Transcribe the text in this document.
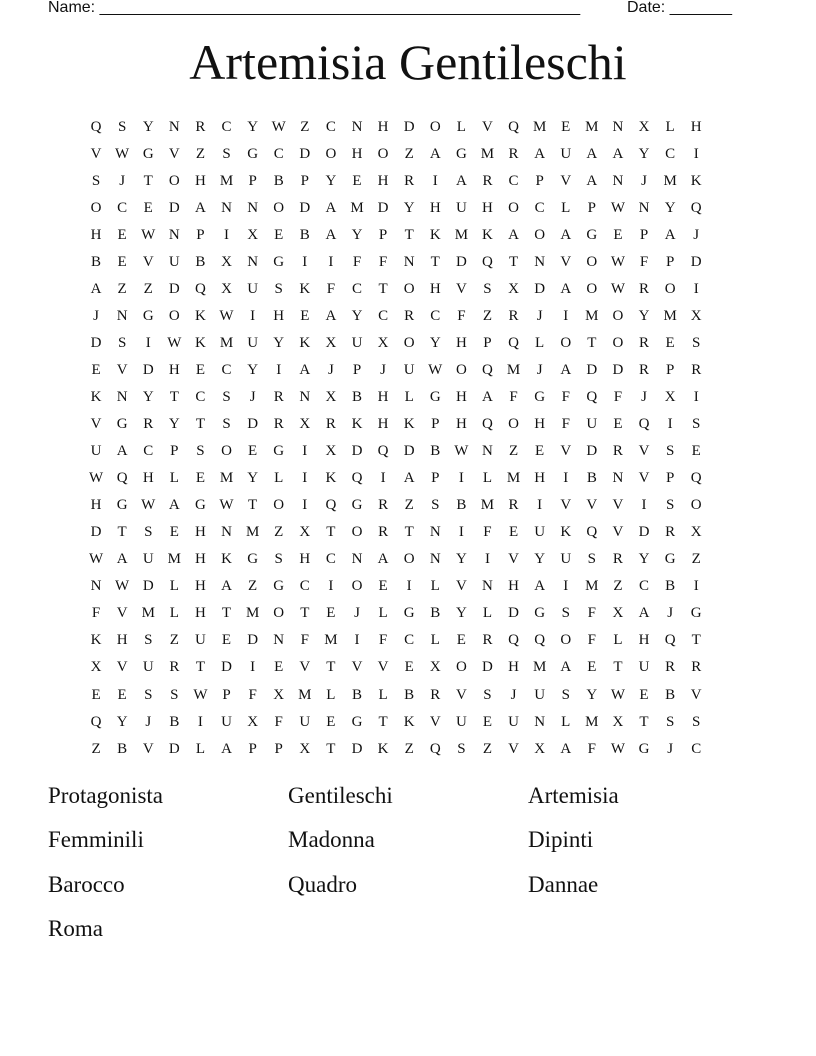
Name: ______________________________________________________	Date: _______
Artemisia Gentileschi
Q	S	Y	N	R	C	Y W Z	C	N	H	D	O	L	V	Q M E M N	X	L	H
V W G	V	Z	S	G	C	D	O	H	O	Z	A	G M R	A	U	A	A	Y	C	I
S	J	T	O	H M	P	B	P	Y	E	H	R	I	A	R	C	P	V	A	N	J	M K
O	C	E	D	A	N	N	O	D	A M D	Y	H	U	H	O	C	L	P W N	Y	Q
H	E W N	P	I	X	E	B	A	Y	P	T	K M K	A	O	A	G	E	P	A	J
B	E	V	U	B	X	N	G	I	I	F	F	N	T	D	Q	T	N	V	O W F	P	D
A	Z	Z	D	Q	X	U	S	K	F	C	T	O	H	V	S	X	D	A	O W R	O	I
J	N	G	O	K W	I	H	E	A	Y	C	R	C	F	Z	R	J	I	M O	Y M X
D	S	I	W K M U	Y	K	X	U	X	O	Y	H	P	Q	L	O	T	O	R	E	S
E	V	D	H	E	C	Y	I	A	J	P	J	U W O	Q M	J	A	D	D	R	P	R
K	N	Y	T	C	S	J	R	N	X	B	H	L	G	H	A	F	G	F	Q	F	J	X	I
V	G	R	Y	T	S	D	R	X	R	K	H	K	P	H	Q	O	H	F	U	E	Q	I	S
U	A	C	P	S	O	E	G	I	X	D	Q	D	B W N	Z	E	V	D	R	V	S	E
W Q	H	L	E M Y	L	I	K	Q	I	A	P	I	L M H	I	B	N	V	P	Q
H	G W A	G W T	O	I	Q	G	R	Z	S	B M R	I	V	V	V	I	S	O
D	T	S	E	H	N M Z	X	T	O	R	T	N	I	F	E	U	K	Q	V	D	R	X
W A	U M H	K	G	S	H	C	N	A	O	N	Y	I	V	Y	U	S	R	Y	G	Z
N W D	L	H	A	Z	G	C	I	O	E	I	L	V	N	H	A	I	M Z	C	B	I
F	V M L	H	T M O	T	E	J	L	G	B	Y	L	D	G	S	F	X	A	J	G
K	H	S	Z	U	E	D	N	F	M	I	F	C	L	E	R	Q	Q	O	F	L	H	Q	T
X	V	U	R	T	D	I	E	V	T	V	V	E	X	O	D	H M A	E	T	U	R	R
E	E	S	S W P	F	X M L	B	L	B	R	V	S	J	U	S	Y W E	B	V
Q	Y	J	B	I	U	X	F	U	E	G	T	K	V	U	E	U	N	L M X	T	S	S
Z	B	V	D	L	A	P	P	X	T	D	K	Z	Q	S	Z	V	X	A	F W G	J	C
Protagonista	Gentileschi	Artemisia
Femminili	Madonna	Dipinti
Barocco	Quadro	Dannae
Roma
